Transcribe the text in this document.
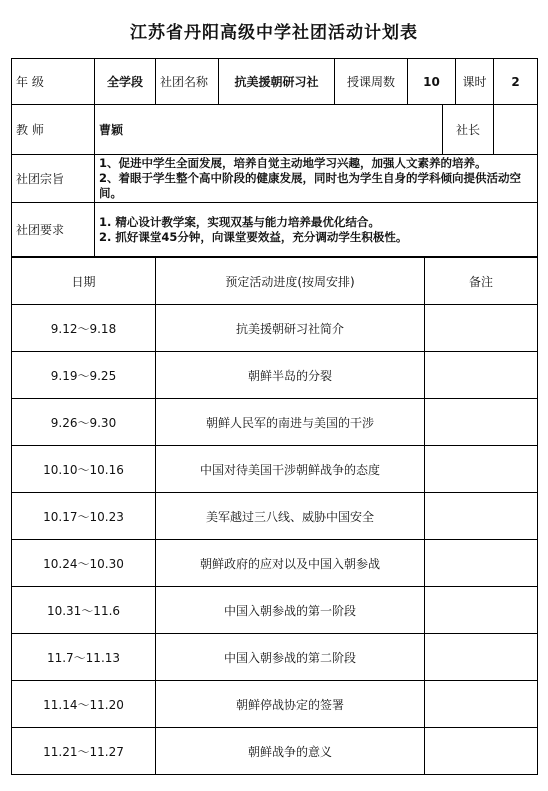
江苏省丹阳高级中学社团活动计划表
年 级	全学段	社团名称	抗美援朝研习社	授课周数	10		课时	2
教 师	曹颖					社长		
社团宗旨	1、促进中学生全面发展，培养自觉主动地学习兴趣，加强人文素养的培养。
2、着眼于学生整个高中阶段的健康发展，同时也为学生自身的学科倾向提供活动空间。							

社团要求	1. 精心设计教学案，实现双基与能力培养最优化结合。
2. 抓好课堂45分钟，向课堂要效益，充分调动学生积极性。							
日期	预定活动进度(按周安排)	备注
9.12～9.18	抗美援朝研习社简介	
9.19～9.25	朝鲜半岛的分裂	
9.26～9.30	朝鲜人民军的南进与美国的干涉	
10.10～10.16	中国对待美国干涉朝鲜战争的态度	
10.17～10.23	美军越过三八线、威胁中国安全	
10.24～10.30	朝鲜政府的应对以及中国入朝参战	
10.31～11.6	中国入朝参战的第一阶段	
11.7～11.13	中国入朝参战的第二阶段	
11.14～11.20	朝鲜停战协定的签署	
11.21～11.27	朝鲜战争的意义	
